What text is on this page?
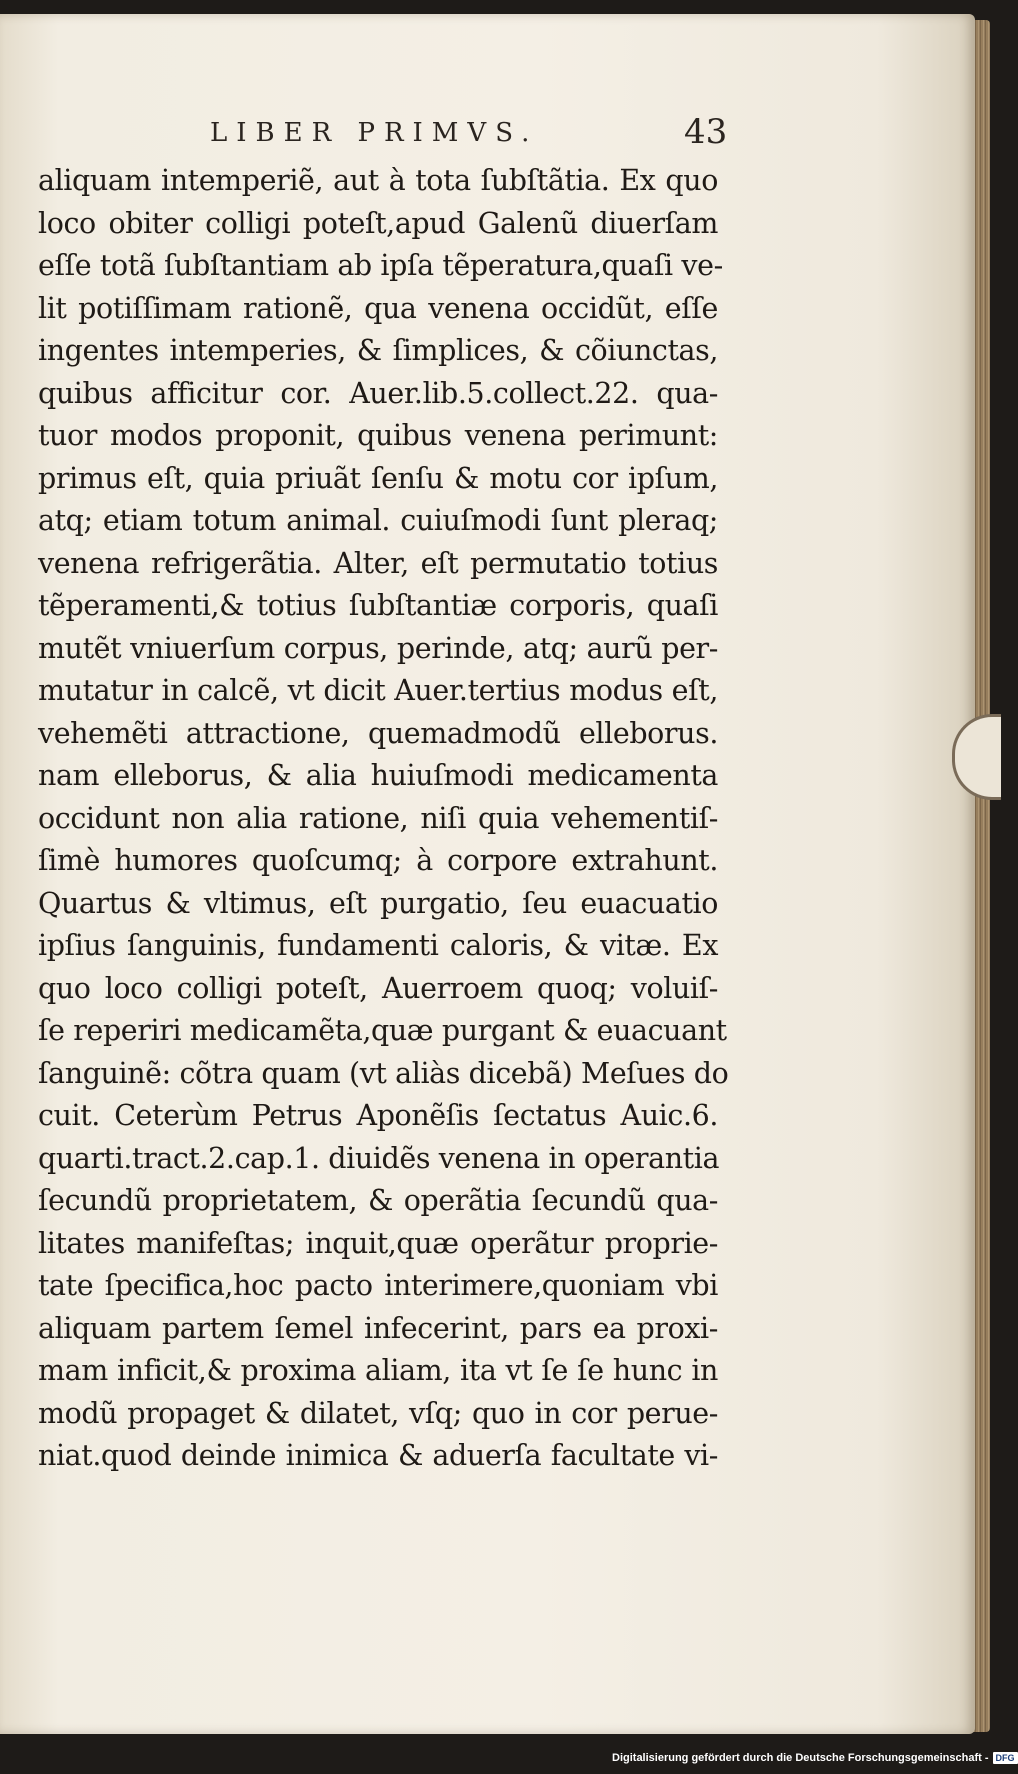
LIBER PRIMVS.	43
aliquam intemperiẽ, aut à tota ſubſtãtia. Ex quo
loco obiter colligi poteſt,apud Galenũ diuerſam
eſſe totã ſubſtantiam ab ipſa tẽperatura,quaſi ve-
lit potiſſimam rationẽ, qua venena occidũt, eſſe
ingentes intemperies, & ſimplices, & cõiunctas,
quibus afficitur cor. Auer.lib.5.collect.22. qua-
tuor modos proponit, quibus venena perimunt:
primus eſt, quia priuãt ſenſu & motu cor ipſum,
atq; etiam totum animal. cuiuſmodi ſunt pleraq;
venena refrigerãtia. Alter, eſt permutatio totius
tẽperamenti,& totius ſubſtantiæ corporis, quaſi
mutẽt vniuerſum corpus, perinde, atq; aurũ per-
mutatur in calcẽ, vt dicit Auer.tertius modus eſt,
vehemẽti attractione, quemadmodũ elleborus.
nam elleborus, & alia huiuſmodi medicamenta
occidunt non alia ratione, niſi quia vehementiſ-
ſimè humores quoſcumq; à corpore extrahunt.
Quartus & vltimus, eſt purgatio, ſeu euacuatio
ipſius ſanguinis, fundamenti caloris, & vitæ. Ex
quo loco colligi poteſt, Auerroem quoq; voluiſ-
ſe reperiri medicamẽta,quæ purgant & euacuant
ſanguinẽ: cõtra quam (vt aliàs dicebã) Meſues do
cuit. Ceterùm Petrus Aponẽſis ſectatus Auic.6.
quarti.tract.2.cap.1. diuidẽs venena in operantia
ſecundũ proprietatem, & operãtia ſecundũ qua-
litates manifeſtas; inquit,quæ operãtur proprie-
tate ſpecifica,hoc pacto interimere,quoniam vbi
aliquam partem ſemel infecerint, pars ea proxi-
mam inficit,& proxima aliam, ita vt ſe ſe hunc in
modũ propaget & dilatet, vſq; quo in cor perue-
niat.quod deinde inimica & aduerſa facultate vi-
Digitalisierung gefördert durch die Deutsche Forschungsgemeinschaft - DFG
